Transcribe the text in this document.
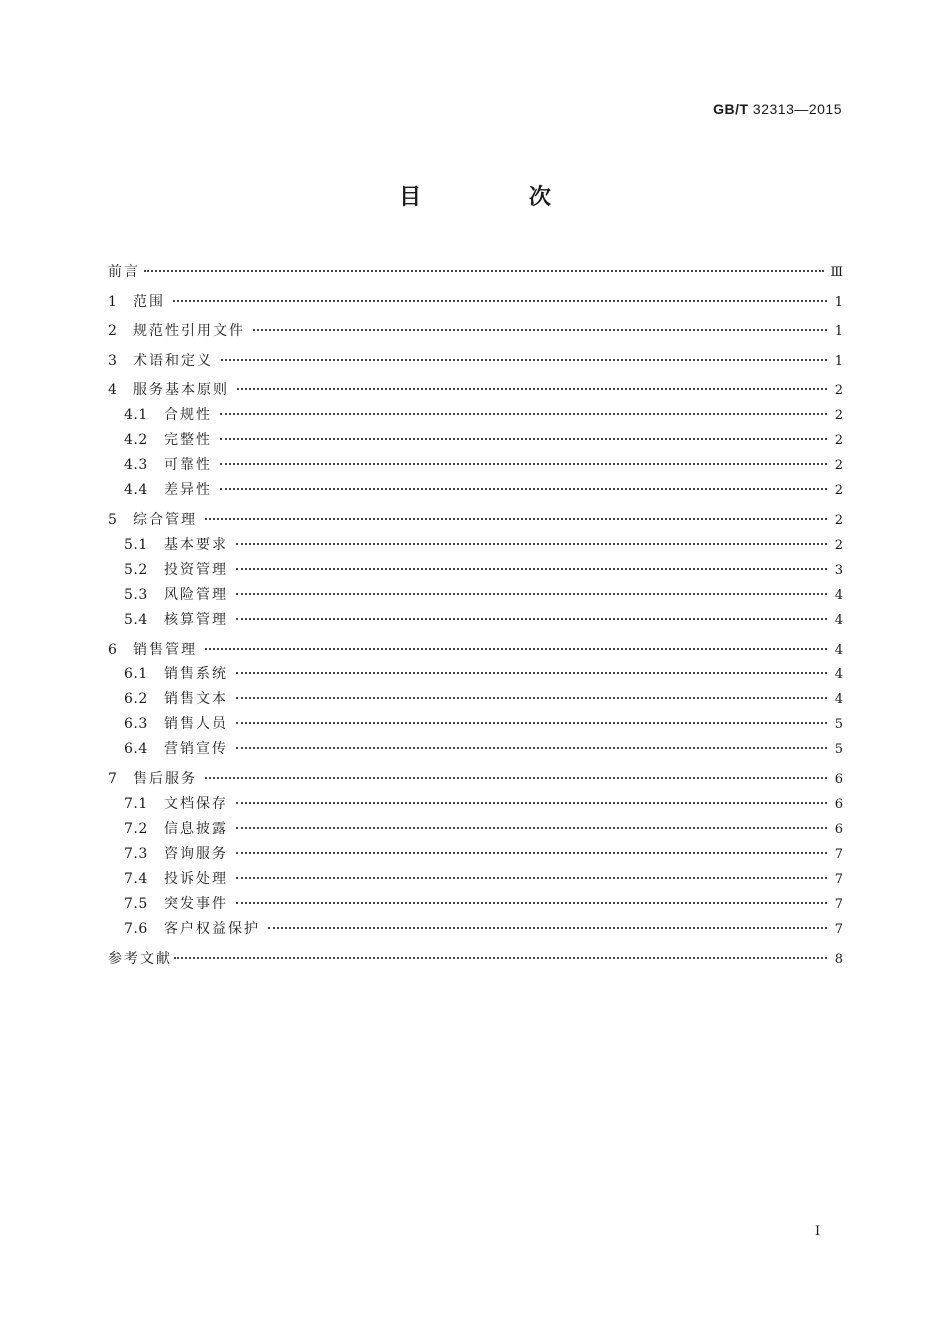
GB/T 32313—2015
目 次
前言	Ⅲ
1	范围	1
2	规范性引用文件	1
3	术语和定义	1
4	服务基本原则	2
4.1	合规性	2
4.2	完整性	2
4.3	可靠性	2
4.4	差异性	2
5	综合管理	2
5.1	基本要求	2
5.2	投资管理	3
5.3	风险管理	4
5.4	核算管理	4
6	销售管理	4
6.1	销售系统	4
6.2	销售文本	4
6.3	销售人员	5
6.4	营销宣传	5
7	售后服务	6
7.1	文档保存	6
7.2	信息披露	6
7.3	咨询服务	7
7.4	投诉处理	7
7.5	突发事件	7
7.6	客户权益保护	7
参考文献	8
I
